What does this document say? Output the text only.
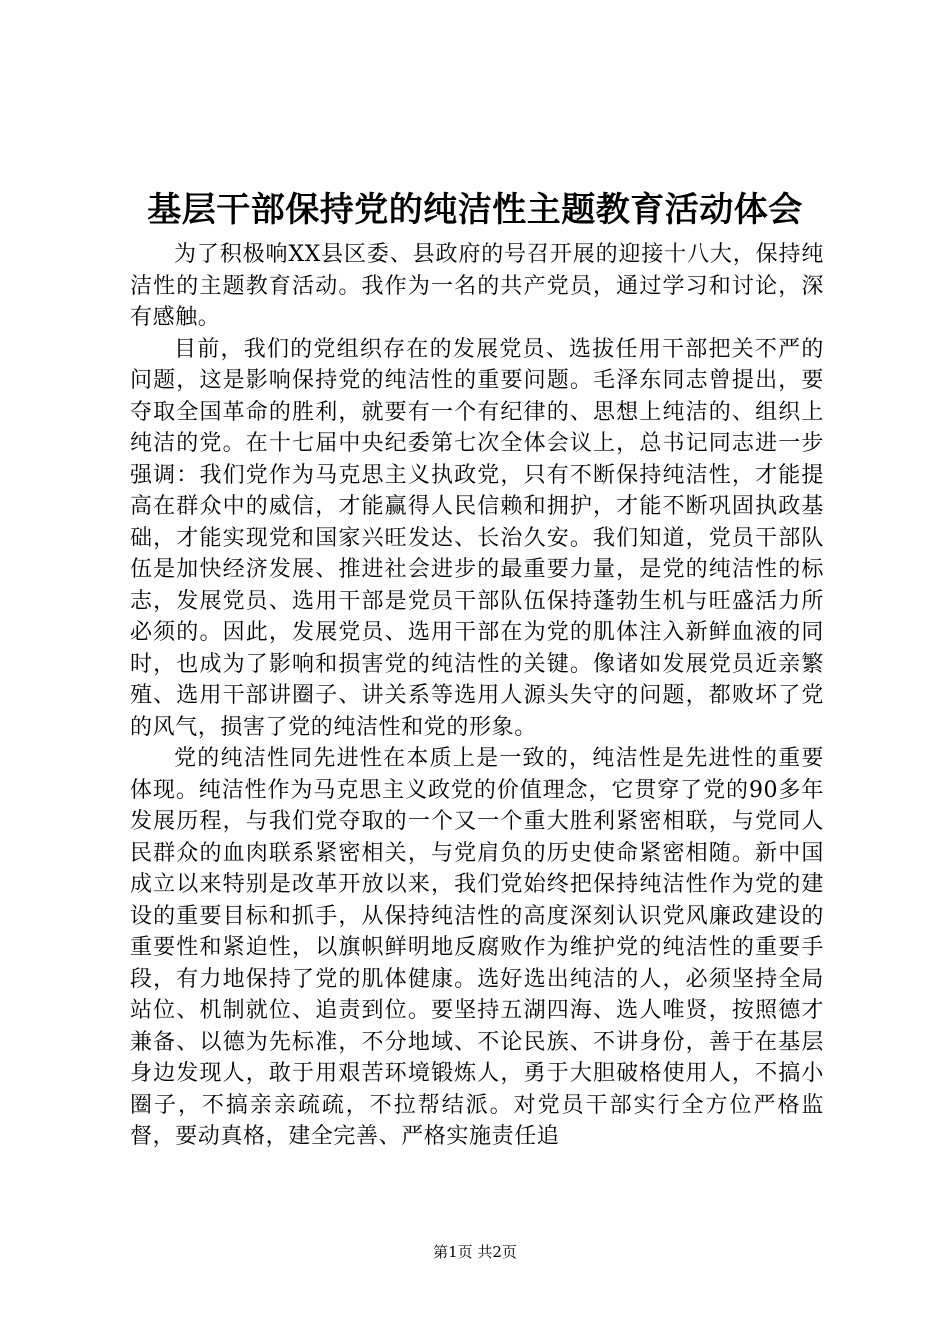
基层干部保持党的纯洁性主题教育活动体会

为了积极响XX县区委、县政府的号召开展的迎接十八大，保持纯洁性的主题教育活动。我作为一名的共产党员，通过学习和讨论，深有感触。

目前，我们的党组织存在的发展党员、选拔任用干部把关不严的问题，这是影响保持党的纯洁性的重要问题。毛泽东同志曾提出，要夺取全国革命的胜利，就要有一个有纪律的、思想上纯洁的、组织上纯洁的党。在十七届中央纪委第七次全体会议上，总书记同志进一步强调：我们党作为马克思主义执政党，只有不断保持纯洁性，才能提高在群众中的威信，才能赢得人民信赖和拥护，才能不断巩固执政基础，才能实现党和国家兴旺发达、长治久安。我们知道，党员干部队伍是加快经济发展、推进社会进步的最重要力量，是党的纯洁性的标志，发展党员、选用干部是党员干部队伍保持蓬勃生机与旺盛活力所必须的。因此，发展党员、选用干部在为党的肌体注入新鲜血液的同时，也成为了影响和损害党的纯洁性的关键。像诸如发展党员近亲繁殖、选用干部讲圈子、讲关系等选用人源头失守的问题，都败坏了党的风气，损害了党的纯洁性和党的形象。

党的纯洁性同先进性在本质上是一致的，纯洁性是先进性的重要体现。纯洁性作为马克思主义政党的价值理念，它贯穿了党的90多年发展历程，与我们党夺取的一个又一个重大胜利紧密相联，与党同人民群众的血肉联系紧密相关，与党肩负的历史使命紧密相随。新中国成立以来特别是改革开放以来，我们党始终把保持纯洁性作为党的建设的重要目标和抓手，从保持纯洁性的高度深刻认识党风廉政建设的重要性和紧迫性，以旗帜鲜明地反腐败作为维护党的纯洁性的重要手段，有力地保持了党的肌体健康。选好选出纯洁的人，必须坚持全局站位、机制就位、追责到位。要坚持五湖四海、选人唯贤，按照德才兼备、以德为先标准，不分地域、不论民族、不讲身份，善于在基层身边发现人，敢于用艰苦环境锻炼人，勇于大胆破格使用人，不搞小圈子，不搞亲亲疏疏，不拉帮结派。对党员干部实行全方位严格监督，要动真格，建全完善、严格实施责任追

第1页 共2页
